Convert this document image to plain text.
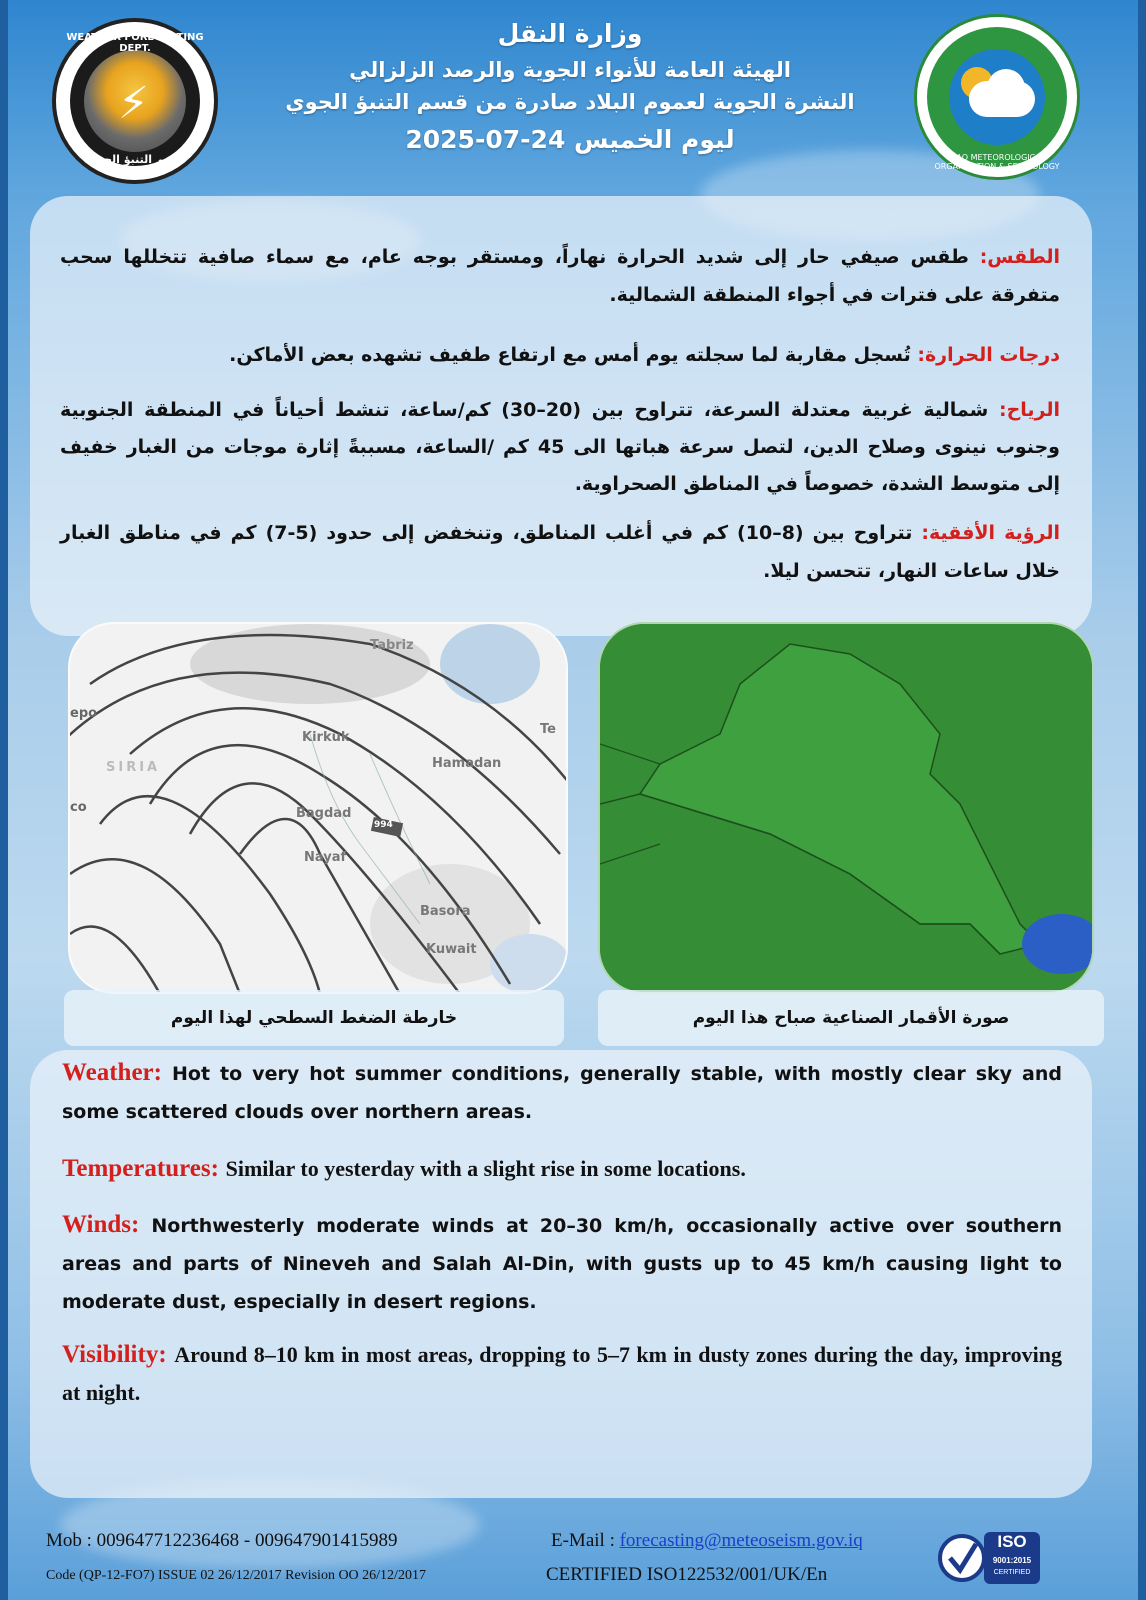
⚡
WEATHER FORECASTING DEPT.
قسم التنبؤ الجوي	IRAQ METEOROLOGICAL ORGANIZATION & SEISMOLOGY
وزارة النقل
الهيئة العامة للأنواء الجوية والرصد الزلزالي
النشرة الجوية لعموم البلاد صادرة من قسم التنبؤ الجوي
ليوم الخميس 24-07-2025
الطقس: طقس صيفي حار إلى شديد الحرارة نهاراً، ومستقر بوجه عام، مع سماء صافية تتخللها سحب متفرقة على فترات في أجواء المنطقة الشمالية.
درجات الحرارة: تُسجل مقاربة لما سجلته يوم أمس مع ارتفاع طفيف تشهده بعض الأماكن.
الرياح: شمالية غربية معتدلة السرعة، تتراوح بين (20–30) كم/ساعة، تنشط أحياناً في المنطقة الجنوبية وجنوب نينوى وصلاح الدين، لتصل سرعة هباتها الى 45 كم /الساعة، مسببةً إثارة موجات من الغبار خفيف إلى متوسط الشدة، خصوصاً في المناطق الصحراوية.
الرؤية الأفقية: تتراوح بين (8–10) كم في أغلب المناطق، وتنخفض إلى حدود (5-7) كم في مناطق الغبار خلال ساعات النهار، تتحسن ليلا.
Tabriz
epo
Kirkuk
Te
SIRIA	Hamadan
co	Bagdad
994
Nayaf
Basora
Kuwait
خارطة الضغط السطحي لهذا اليوم	صورة الأقمار الصناعية صباح هذا اليوم
Weather: Hot to very hot summer conditions, generally stable, with mostly clear sky and some scattered clouds over northern areas.
Temperatures: Similar to yesterday with a slight rise in some locations.
Winds: Northwesterly moderate winds at 20–30 km/h, occasionally active over southern areas and parts of Nineveh and Salah Al-Din, with gusts up to 45 km/h causing light to moderate dust, especially in desert regions.
Visibility: Around 8–10 km in most areas, dropping to 5–7 km in dusty zones during the day, improving at night.
Mob : 009647712236468 - 009647901415989	E-Mail : forecasting@meteoseism.gov.iq
Code (QP-12-FO7) ISSUE 02 26/12/2017 Revision OO 26/12/2017	CERTIFIED ISO122532/001/UK/En
ISO
9001:2015
CERTIFIED
